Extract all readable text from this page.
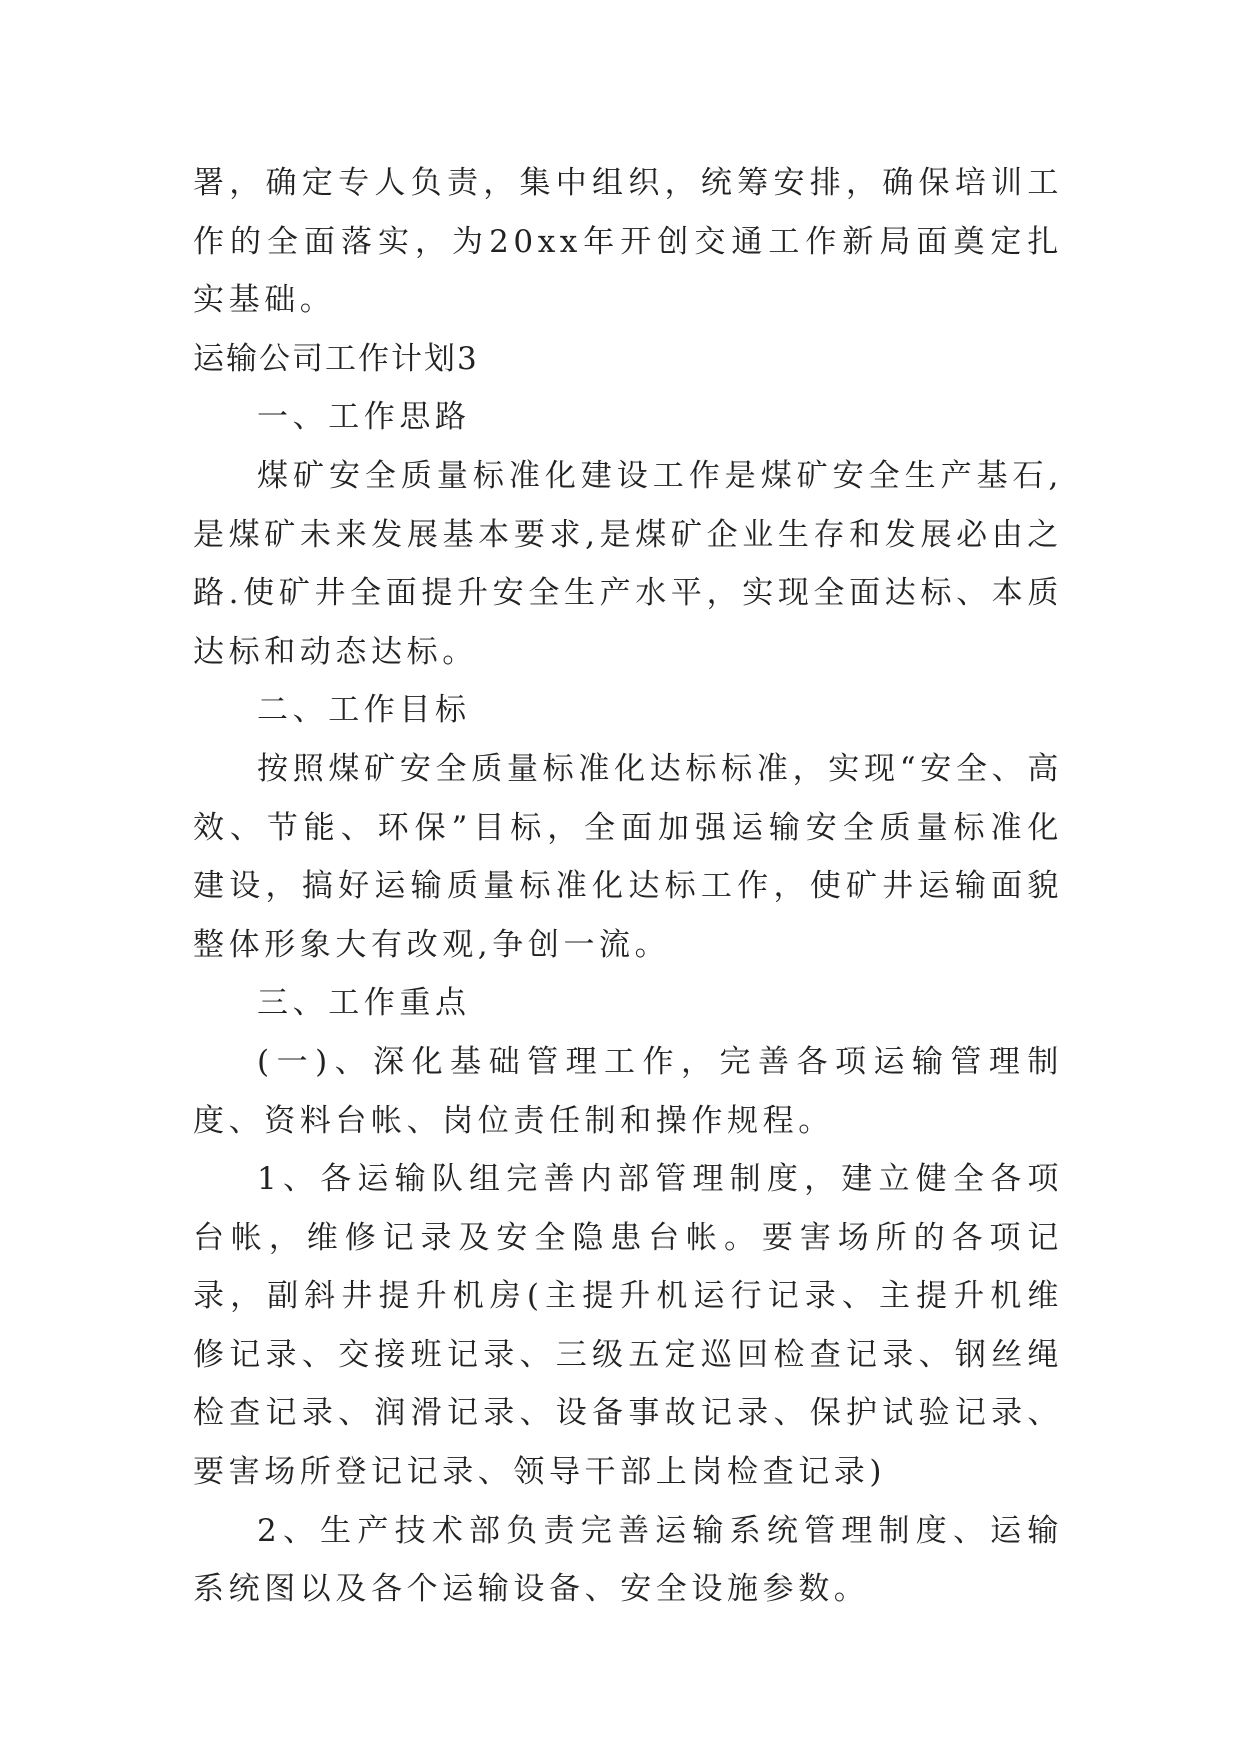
署，确定专人负责，集中组织，统筹安排，确保培训工作的全面落实，为20xx年开创交通工作新局面奠定扎实基础。

运输公司工作计划3

一、工作思路

煤矿安全质量标准化建设工作是煤矿安全生产基石,是煤矿未来发展基本要求,是煤矿企业生存和发展必由之路.使矿井全面提升安全生产水平，实现全面达标、本质达标和动态达标。

二、工作目标

按照煤矿安全质量标准化达标标准，实现“安全、高效、节能、环保”目标，全面加强运输安全质量标准化建设，搞好运输质量标准化达标工作，使矿井运输面貌整体形象大有改观,争创一流。

三、工作重点

(一)、深化基础管理工作，完善各项运输管理制度、资料台帐、岗位责任制和操作规程。

1、各运输队组完善内部管理制度，建立健全各项台帐，维修记录及安全隐患台帐。要害场所的各项记录，副斜井提升机房(主提升机运行记录、主提升机维修记录、交接班记录、三级五定巡回检查记录、钢丝绳检查记录、润滑记录、设备事故记录、保护试验记录、要害场所登记记录、领导干部上岗检查记录)

2、生产技术部负责完善运输系统管理制度、运输系统图以及各个运输设备、安全设施参数。
